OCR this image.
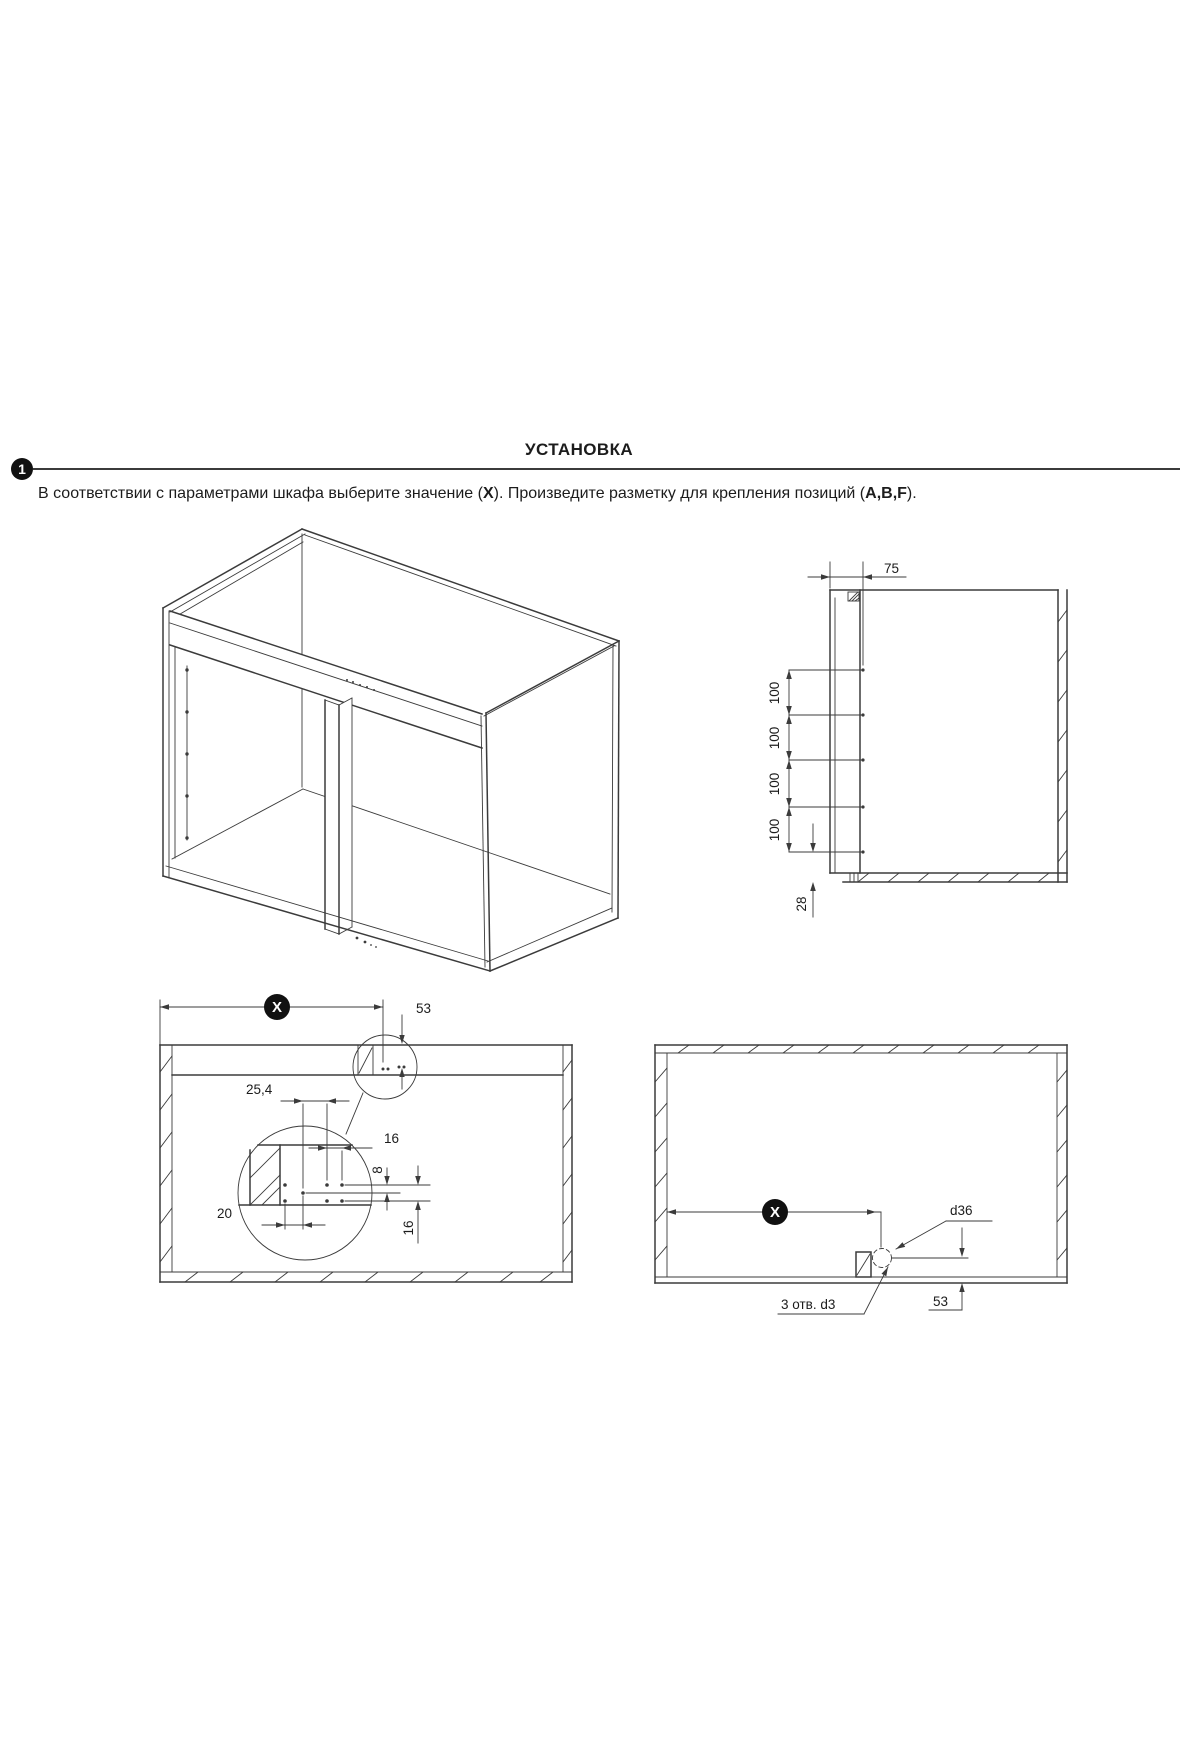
1
УСТАНОВКА
В соответствии с параметрами шкафа выберите значение (X). Произведите разметку для крепления позиций (A,B,F).
100
100
100
100
75
28
X	53
25,4
16
8
16
20	X	d36
3 отв. d3	53
